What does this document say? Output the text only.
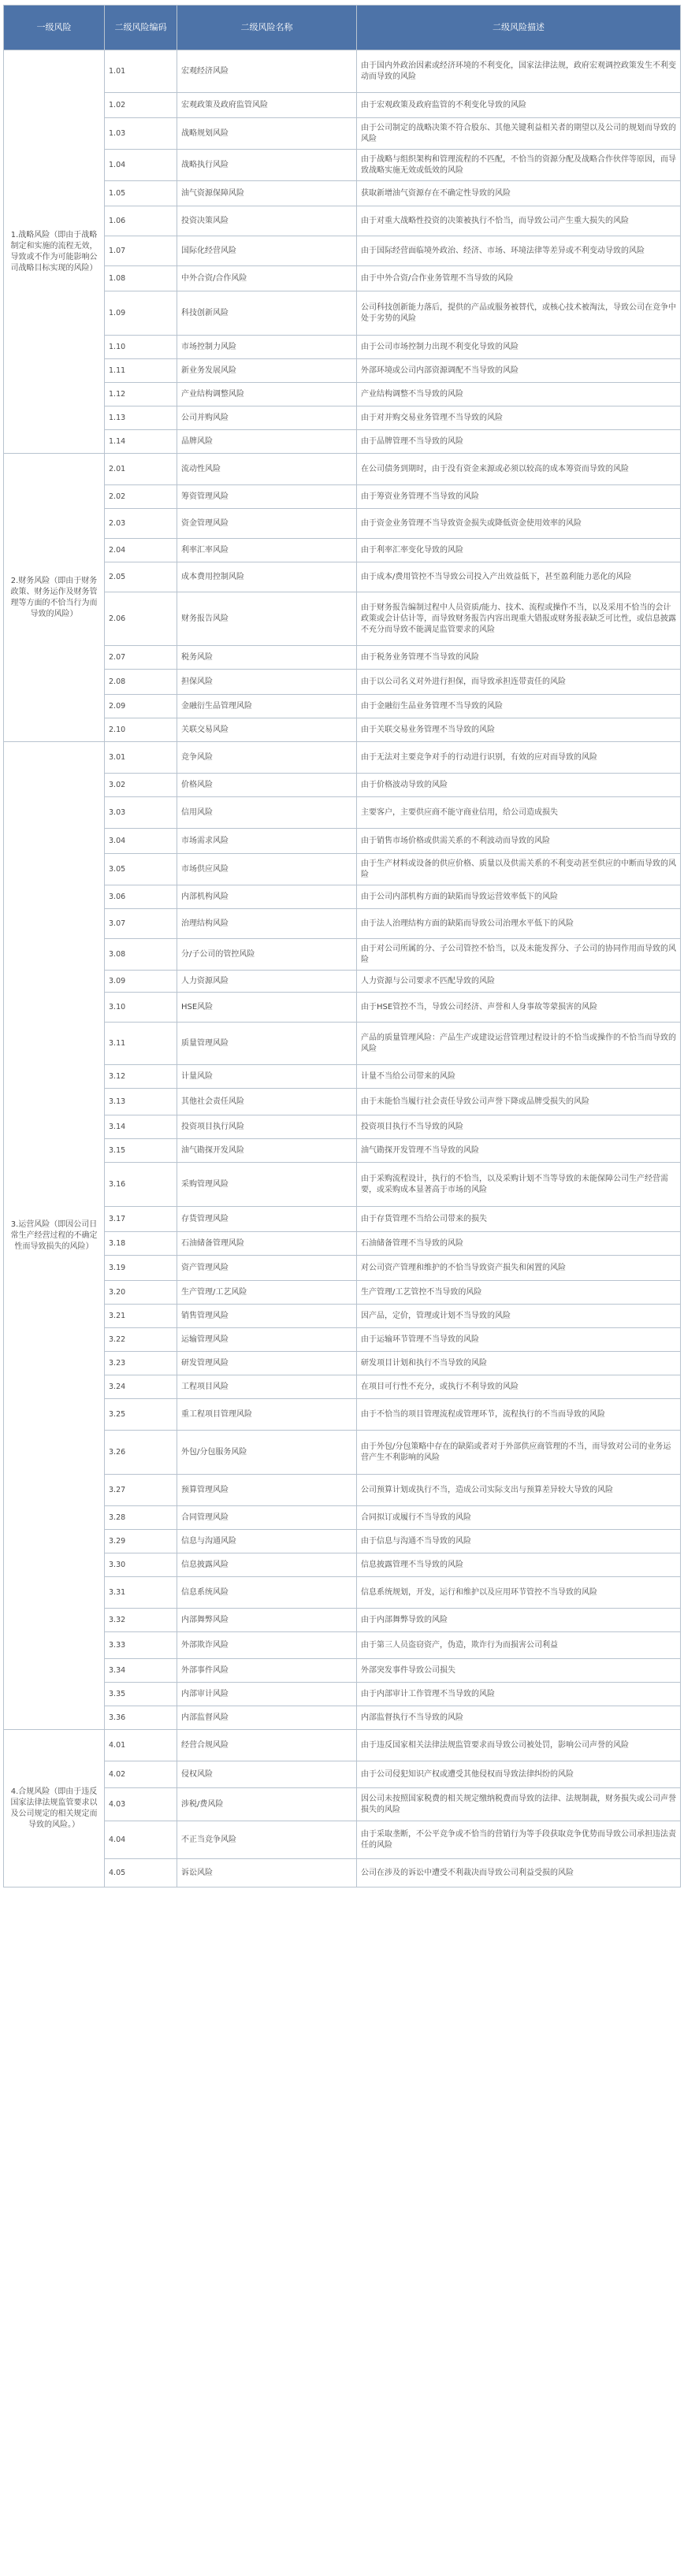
一级风险	二级风险编码	二级风险名称	二级风险描述
1.战略风险（即由于战略制定和实施的流程无效，导致或不作为可能影响公司战略目标实现的风险）	1.01	宏观经济风险	由于国内外政治因素或经济环境的不利变化，国家法律法规，政府宏观调控政策发生不利变动而导致的风险
	1.02	宏观政策及政府监管风险	由于宏观政策及政府监管的不利变化导致的风险
	1.03	战略规划风险	由于公司制定的战略决策不符合股东、其他关键利益相关者的期望以及公司的规划而导致的风险
	1.04	战略执行风险	由于战略与组织架构和管理流程的不匹配，不恰当的资源分配及战略合作伙伴等原因，而导致战略实施无效或低效的风险
	1.05	油气资源保障风险	获取新增油气资源存在不确定性导致的风险
	1.06	投资决策风险	由于对重大战略性投资的决策被执行不恰当，而导致公司产生重大损失的风险
	1.07	国际化经营风险	由于国际经营面临境外政治、经济、市场、环境法律等差异或不利变动导致的风险
	1.08	中外合资/合作风险	由于中外合资/合作业务管理不当导致的风险
	1.09	科技创新风险	公司科技创新能力落后，提供的产品或服务被替代，或核心技术被淘汰，导致公司在竞争中处于劣势的风险
	1.10	市场控制力风险	由于公司市场控制力出现不利变化导致的风险
	1.11	新业务发展风险	外部环境或公司内部资源调配不当导致的风险
	1.12	产业结构调整风险	产业结构调整不当导致的风险
	1.13	公司并购风险	由于对并购交易业务管理不当导致的风险
	1.14	品牌风险	由于品牌管理不当导致的风险
2.财务风险（即由于财务政策、财务运作及财务管理等方面的不恰当行为而导致的风险）	2.01	流动性风险	在公司债务到期时，由于没有资金来源或必须以较高的成本筹资而导致的风险
	2.02	筹资管理风险	由于筹资业务管理不当导致的风险
	2.03	资金管理风险	由于资金业务管理不当导致资金损失或降低资金使用效率的风险
	2.04	利率汇率风险	由于利率汇率变化导致的风险
	2.05	成本费用控制风险	由于成本/费用管控不当导致公司投入产出效益低下，甚至盈利能力恶化的风险
	2.06	财务报告风险	由于财务报告编制过程中人员资质/能力、技术、流程或操作不当，以及采用不恰当的会计政策或会计估计等，而导致财务报告内容出现重大错报或财务报表缺乏可比性，或信息披露不充分而导致不能满足监管要求的风险
	2.07	税务风险	由于税务业务管理不当导致的风险
	2.08	担保风险	由于以公司名义对外进行担保，而导致承担连带责任的风险
	2.09	金融衍生品管理风险	由于金融衍生品业务管理不当导致的风险
	2.10	关联交易风险	由于关联交易业务管理不当导致的风险
3.运营风险（即因公司日常生产经营过程的不确定性而导致损失的风险）	3.01	竞争风险	由于无法对主要竞争对手的行动进行识别，有效的应对而导致的风险
	3.02	价格风险	由于价格波动导致的风险
	3.03	信用风险	主要客户，主要供应商不能守商业信用，给公司造成损失
	3.04	市场需求风险	由于销售市场价格或供需关系的不利波动而导致的风险
	3.05	市场供应风险	由于生产材料或设备的供应价格、质量以及供需关系的不利变动甚至供应的中断而导致的风险
	3.06	内部机构风险	由于公司内部机构方面的缺陷而导致运营效率低下的风险
	3.07	治理结构风险	由于法人治理结构方面的缺陷而导致公司治理水平低下的风险
	3.08	分/子公司的管控风险	由于对公司所属的分、子公司管控不恰当，以及未能发挥分、子公司的协同作用而导致的风险
	3.09	人力资源风险	人力资源与公司要求不匹配导致的风险
	3.10	HSE风险	由于HSE管控不当，导致公司经济、声誉和人身事故等蒙损害的风险
	3.11	质量管理风险	产品的质量管理风险：产品生产或建设运营管理过程设计的不恰当或操作的不恰当而导致的风险
	3.12	计量风险	计量不当给公司带来的风险
	3.13	其他社会责任风险	由于未能恰当履行社会责任导致公司声誉下降或品牌受损失的风险
	3.14	投资项目执行风险	投资项目执行不当导致的风险
	3.15	油气勘探开发风险	油气勘探开发管理不当导致的风险
	3.16	采购管理风险	由于采购流程设计，执行的不恰当，以及采购计划不当等导致的未能保障公司生产经营需要，或采购成本显著高于市场的风险
	3.17	存货管理风险	由于存货管理不当给公司带来的损失
	3.18	石油储备管理风险	石油储备管理不当导致的风险
	3.19	资产管理风险	对公司资产管理和维护的不恰当导致资产损失和闲置的风险
	3.20	生产管理/工艺风险	生产管理/工艺管控不当导致的风险
	3.21	销售管理风险	因产品，定价，管理或计划不当导致的风险
	3.22	运输管理风险	由于运输环节管理不当导致的风险
	3.23	研发管理风险	研发项目计划和执行不当导致的风险
	3.24	工程项目风险	在项目可行性不充分，或执行不利导致的风险
	3.25	重工程项目管理风险	由于不恰当的项目管理流程或管理环节，流程执行的不当而导致的风险
	3.26	外包/分包服务风险	由于外包/分包策略中存在的缺陷或者对于外部供应商管理的不当，而导致对公司的业务运营产生不利影响的风险
	3.27	预算管理风险	公司预算计划或执行不当，造成公司实际支出与预算差异较大导致的风险
	3.28	合同管理风险	合同拟订或履行不当导致的风险
	3.29	信息与沟通风险	由于信息与沟通不当导致的风险
	3.30	信息披露风险	信息披露管理不当导致的风险
	3.31	信息系统风险	信息系统规划，开发，运行和维护以及应用环节管控不当导致的风险
	3.32	内部舞弊风险	由于内部舞弊导致的风险
	3.33	外部欺诈风险	由于第三人员盗窃资产，伪造，欺诈行为而损害公司利益
	3.34	外部事件风险	外部突发事件导致公司损失
	3.35	内部审计风险	由于内部审计工作管理不当导致的风险
	3.36	内部监督风险	内部监督执行不当导致的风险
4.合规风险（即由于违反国家法律法规监管要求以及公司规定的相关规定而导致的风险。）	4.01	经营合规风险	由于违反国家相关法律法规监管要求而导致公司被处罚，影响公司声誉的风险
	4.02	侵权风险	由于公司侵犯知识产权或遭受其他侵权而导致法律纠纷的风险
	4.03	涉税/费风险	因公司未按照国家税费的相关规定缴纳税费而导致的法律、法规制裁，财务损失或公司声誉损失的风险
	4.04	不正当竞争风险	由于采取垄断，不公平竞争或不恰当的营销行为等手段获取竞争优势而导致公司承担违法责任的风险
	4.05	诉讼风险	公司在涉及的诉讼中遭受不利裁决而导致公司利益受损的风险
